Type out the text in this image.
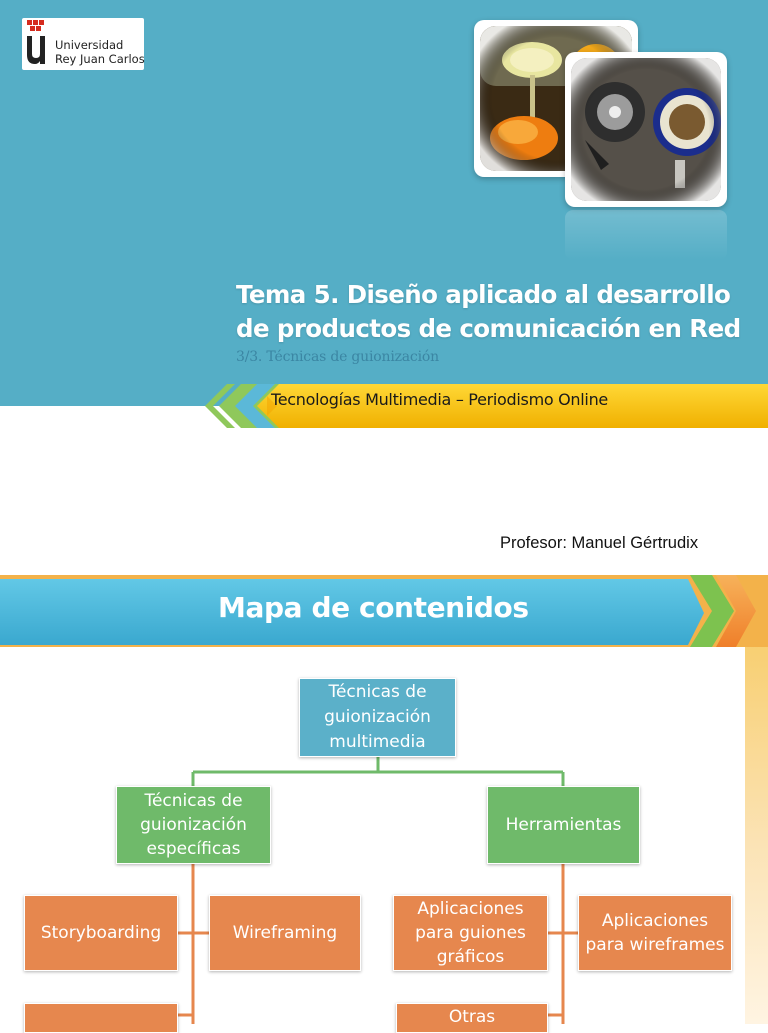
Universidad
Rey Juan Carlos
Tema 5. Diseño aplicado al desarrollo
de productos de comunicación en Red
3/3. Técnicas de guionización
Tecnologías Multimedia – Periodismo Online
Profesor: Manuel Gértrudix
Mapa de contenidos
Técnicas de
guionización
multimedia
Técnicas de
guionización
específicas
Herramientas
Storyboarding	Wireframing
Aplicaciones
para guiones
gráficos
Aplicaciones
para wireframes
Otras
